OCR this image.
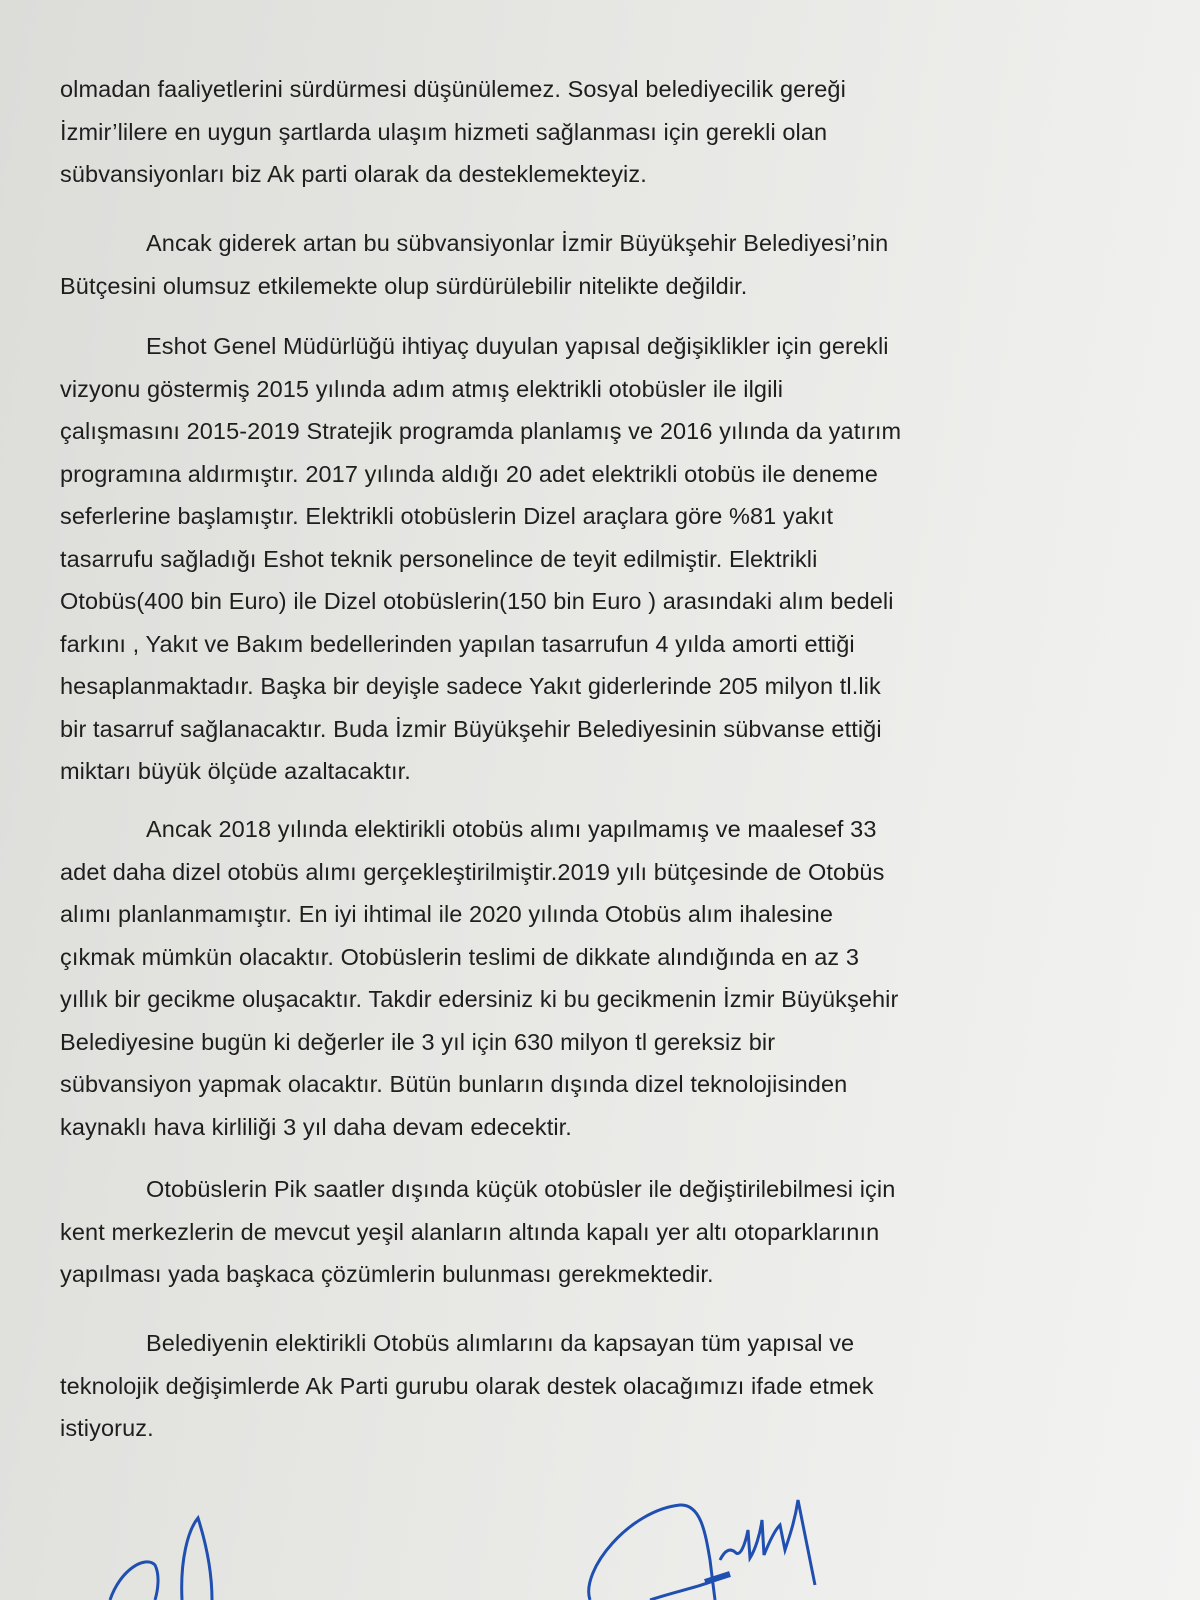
olmadan faaliyetlerini sürdürmesi düşünülemez. Sosyal belediyecilik gereği
İzmir’lilere en uygun şartlarda ulaşım hizmeti sağlanması için gerekli olan
sübvansiyonları biz Ak parti olarak da desteklemekteyiz.
Ancak giderek artan bu sübvansiyonlar İzmir Büyükşehir Belediyesi’nin
Bütçesini olumsuz etkilemekte olup sürdürülebilir nitelikte değildir.
Eshot Genel Müdürlüğü ihtiyaç duyulan yapısal değişiklikler için gerekli
vizyonu göstermiş 2015 yılında adım atmış elektrikli otobüsler ile ilgili
çalışmasını 2015-2019 Stratejik programda planlamış ve 2016 yılında da yatırım
programına aldırmıştır. 2017 yılında aldığı 20 adet elektrikli otobüs ile deneme
seferlerine başlamıştır. Elektrikli otobüslerin Dizel araçlara göre %81 yakıt
tasarrufu sağladığı Eshot teknik personelince de teyit edilmiştir. Elektrikli
Otobüs(400 bin Euro) ile Dizel otobüslerin(150 bin Euro ) arasındaki alım bedeli
farkını , Yakıt ve Bakım bedellerinden yapılan tasarrufun 4 yılda amorti ettiği
hesaplanmaktadır. Başka bir deyişle sadece Yakıt giderlerinde 205 milyon tl.lik
bir tasarruf sağlanacaktır. Buda İzmir Büyükşehir Belediyesinin sübvanse ettiği
miktarı büyük ölçüde azaltacaktır.
Ancak 2018 yılında elektirikli otobüs alımı yapılmamış ve maalesef 33
adet daha dizel otobüs alımı gerçekleştirilmiştir.2019 yılı bütçesinde de Otobüs
alımı planlanmamıştır. En iyi ihtimal ile 2020 yılında Otobüs alım ihalesine
çıkmak mümkün olacaktır. Otobüslerin teslimi de dikkate alındığında en az 3
yıllık bir gecikme oluşacaktır. Takdir edersiniz ki bu gecikmenin İzmir Büyükşehir
Belediyesine bugün ki değerler ile 3 yıl için 630 milyon tl gereksiz bir
sübvansiyon yapmak olacaktır. Bütün bunların dışında dizel teknolojisinden
kaynaklı hava kirliliği 3 yıl daha devam edecektir.
Otobüslerin Pik saatler dışında küçük otobüsler ile değiştirilebilmesi için
kent merkezlerin de mevcut yeşil alanların altında kapalı yer altı otoparklarının
yapılması yada başkaca çözümlerin bulunması gerekmektedir.
Belediyenin elektirikli Otobüs alımlarını da kapsayan tüm yapısal ve
teknolojik değişimlerde Ak Parti gurubu olarak destek olacağımızı ifade etmek
istiyoruz.
